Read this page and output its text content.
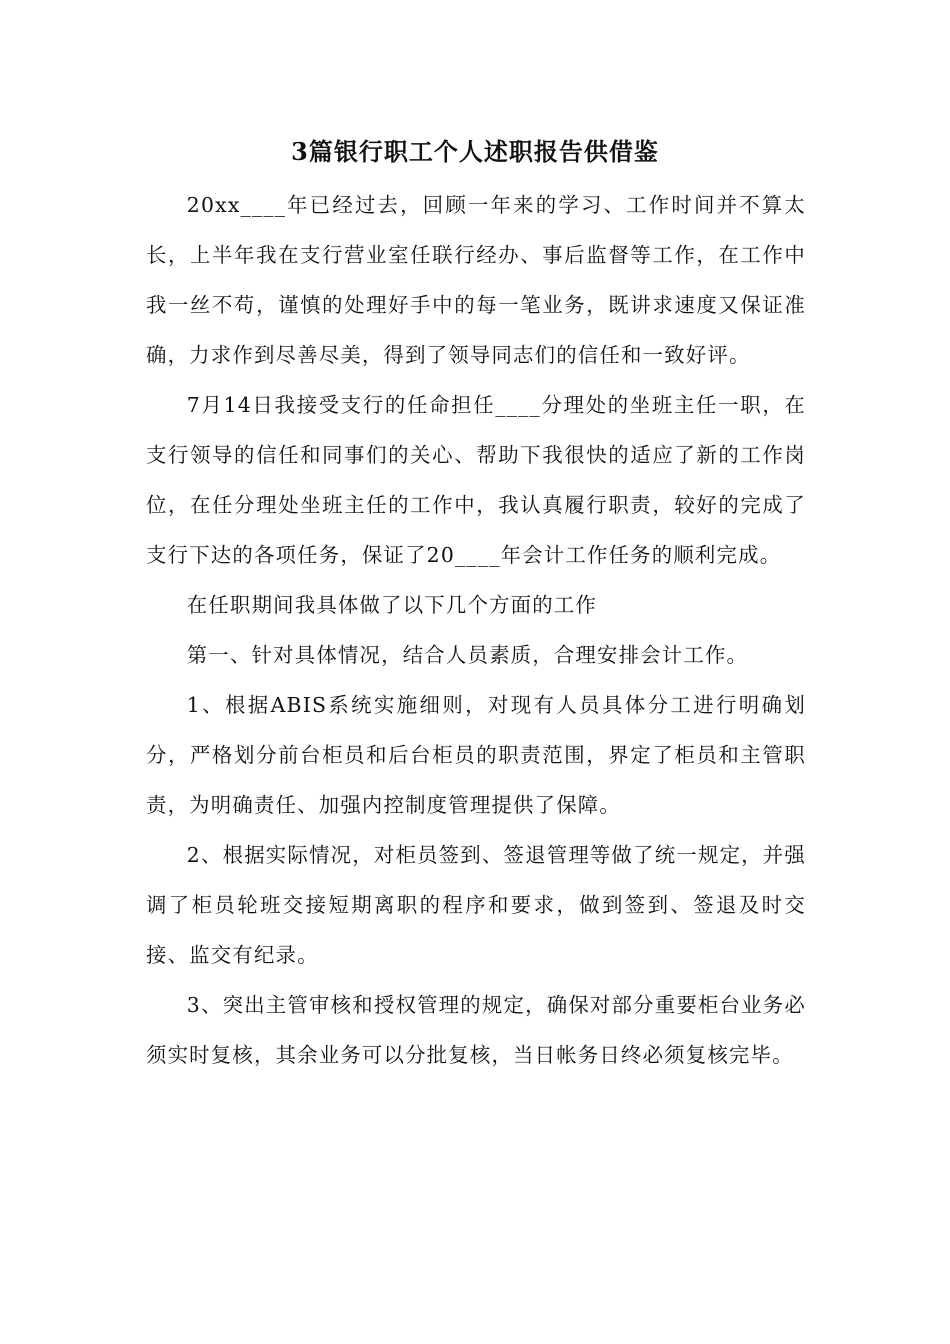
3篇银行职工个人述职报告供借鉴

20xx____年已经过去，回顾一年来的学习、工作时间并不算太长，上半年我在支行营业室任联行经办、事后监督等工作，在工作中我一丝不苟，谨慎的处理好手中的每一笔业务，既讲求速度又保证准确，力求作到尽善尽美，得到了领导同志们的信任和一致好评。

7月14日我接受支行的任命担任____分理处的坐班主任一职，在支行领导的信任和同事们的关心、帮助下我很快的适应了新的工作岗位，在任分理处坐班主任的工作中，我认真履行职责，较好的完成了支行下达的各项任务，保证了20____年会计工作任务的顺利完成。

在任职期间我具体做了以下几个方面的工作

第一、针对具体情况，结合人员素质，合理安排会计工作。

1、根据ABIS系统实施细则，对现有人员具体分工进行明确划分，严格划分前台柜员和后台柜员的职责范围，界定了柜员和主管职责，为明确责任、加强内控制度管理提供了保障。

2、根据实际情况，对柜员签到、签退管理等做了统一规定，并强调了柜员轮班交接短期离职的程序和要求，做到签到、签退及时交接、监交有纪录。

3、突出主管审核和授权管理的规定，确保对部分重要柜台业务必须实时复核，其余业务可以分批复核，当日帐务日终必须复核完毕。
